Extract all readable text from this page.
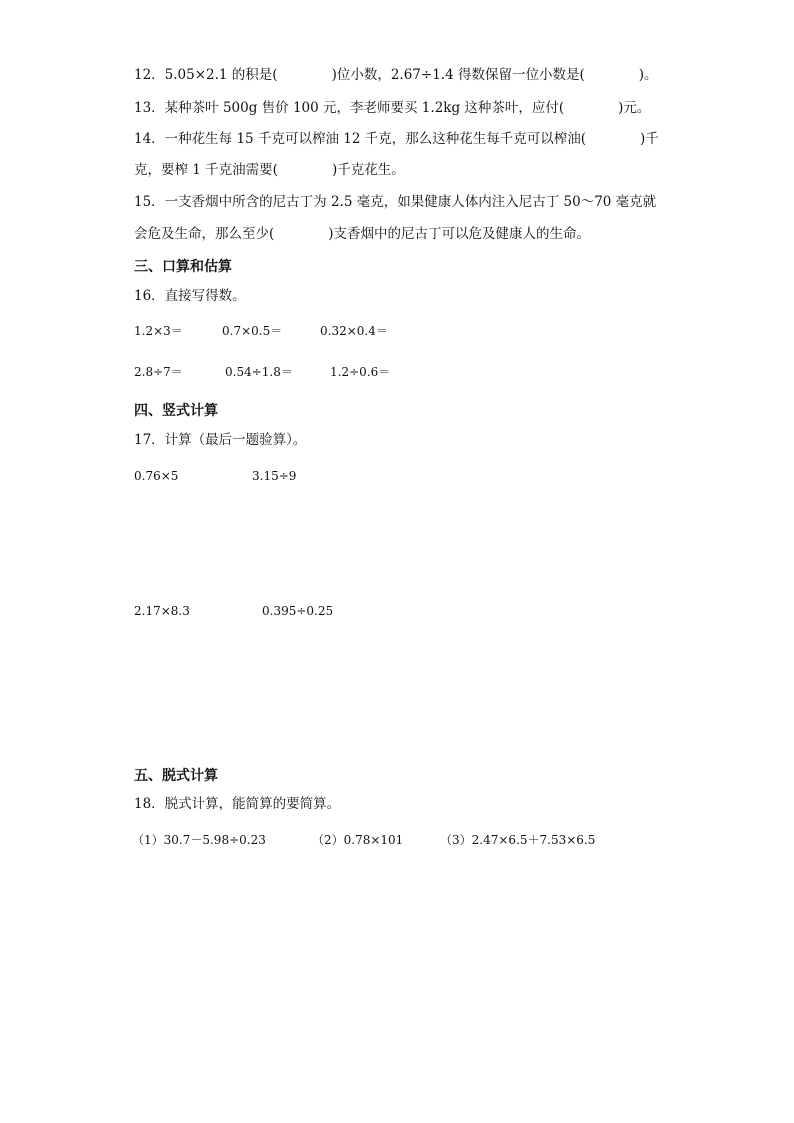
12．5.05×2.1 的积是(　　　　)位小数，2.67÷1.4 得数保留一位小数是(　　　　)。
13．某种茶叶 500g 售价 100 元，李老师要买 1.2kg 这种茶叶，应付(　　　　)元。
14．一种花生每 15 千克可以榨油 12 千克，那么这种花生每千克可以榨油(　　　　)千
克，要榨 1 千克油需要(　　　　)千克花生。
15．一支香烟中所含的尼古丁为 2.5 毫克，如果健康人体内注入尼古丁 50～70 毫克就
会危及生命，那么至少(　　　　)支香烟中的尼古丁可以危及健康人的生命。
三、口算和估算
16．直接写得数。
1.2×3＝	0.7×0.5＝	0.32×0.4＝
2.8÷7＝	0.54÷1.8＝	1.2÷0.6＝
四、竖式计算
17．计算（最后一题验算）。
0.76×5	3.15÷9
2.17×8.3	0.395÷0.25
五、脱式计算
18．脱式计算，能简算的要简算。
（1）30.7－5.98÷0.23	（2）0.78×101	（3）2.47×6.5＋7.53×6.5
